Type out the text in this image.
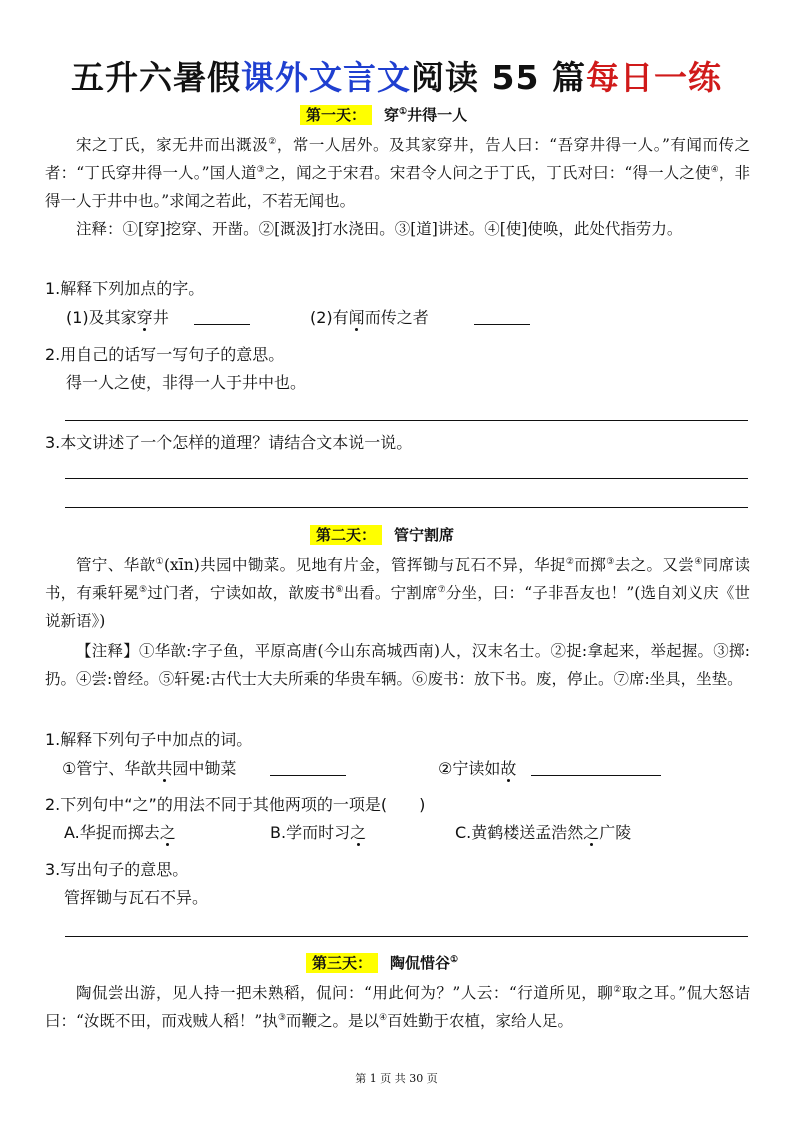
五升六暑假课外文言文阅读 55 篇每日一练
第一天： 穿①井得一人
宋之丁氏，家无井而出溉汲②，常一人居外。及其家穿井，告人曰：“吾穿井得一人。”有闻而传之者：“丁氏穿井得一人。”国人道③之，闻之于宋君。宋君令人问之于丁氏，丁氏对曰：“得一人之使④，非得一人于井中也。”求闻之若此，不若无闻也。
注释：①[穿]挖穿、开凿。②[溉汲]打水浇田。③[道]讲述。④[使]使唤，此处代指劳力。
1.解释下列加点的字。
(1)及其家穿井	(2)有闻而传之者
2.用自己的话写一写句子的意思。
得一人之使，非得一人于井中也。
3.本文讲述了一个怎样的道理？请结合文本说一说。
第二天： 管宁割席
管宁、华歆①(xīn)共园中锄菜。见地有片金，管挥锄与瓦石不异，华捉②而掷③去之。又尝④同席读书，有乘轩冕⑤过门者，宁读如故，歆废书⑥出看。宁割席⑦分坐，曰：“子非吾友也！”(选自刘义庆《世说新语》)
【注释】①华歆:字子鱼，平原高唐(今山东高城西南)人，汉末名士。②捉:拿起来，举起握。③掷:扔。④尝:曾经。⑤轩冕:古代士大夫所乘的华贵车辆。⑥废书：放下书。废，停止。⑦席:坐具，坐垫。
1.解释下列句子中加点的词。
①管宁、华歆共园中锄菜	②宁读如故
2.下列句中“之”的用法不同于其他两项的一项是(　　)
A.华捉而掷去之	B.学而时习之	C.黄鹤楼送孟浩然之广陵
3.写出句子的意思。
管挥锄与瓦石不异。
第三天： 陶侃惜谷①
陶侃尝出游，见人持一把未熟稻，侃问：“用此何为？”人云：“行道所见，聊②取之耳。”侃大怒诘曰：“汝既不田，而戏贼人稻！”执③而鞭之。是以④百姓勤于农植，家给人足。
第 1 页 共 30 页
